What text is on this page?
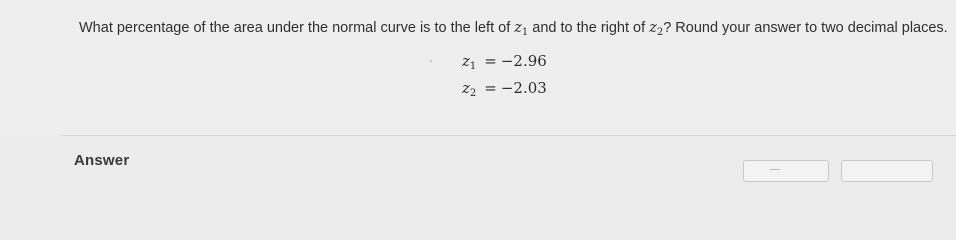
What percentage of the area under the normal curve is to the left of $z_1$ and to the right of $z_2$? Round your answer to two decimal places.
$z_1 = -2.96$
$z_2 = -2.03$
Answer
